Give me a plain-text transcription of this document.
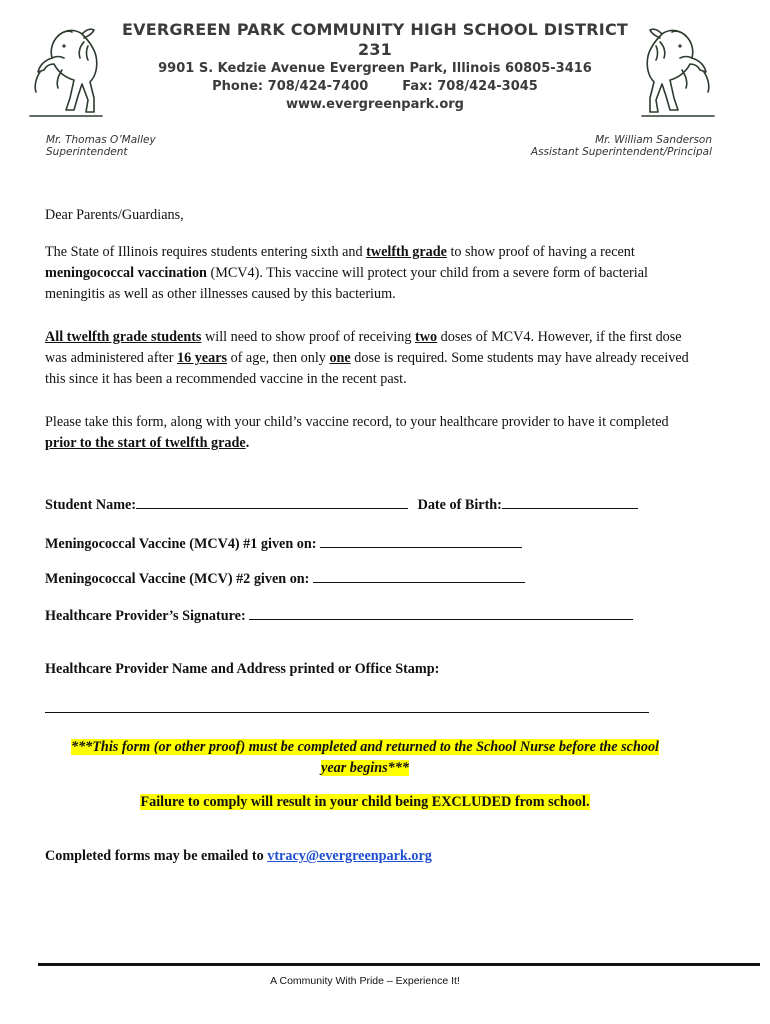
EVERGREEN PARK COMMUNITY HIGH SCHOOL DISTRICT 231
9901 S. Kedzie Avenue Evergreen Park, Illinois 60805-3416
Phone: 708/424-7400	Fax: 708/424-3045
www.evergreenpark.org
Mr. Thomas O’Malley
Superintendent
Mr. William Sanderson
Assistant Superintendent/Principal
Dear Parents/Guardians,
The State of Illinois requires students entering sixth and twelfth grade to show proof of having a recent meningococcal vaccination (MCV4). This vaccine will protect your child from a severe form of bacterial meningitis as well as other illnesses caused by this bacterium.
All twelfth grade students will need to show proof of receiving two doses of MCV4. However, if the first dose was administered after 16 years of age, then only one dose is required. Some students may have already received this since it has been a recommended vaccine in the recent past.
Please take this form, along with your child’s vaccine record, to your healthcare provider to have it completed prior to the start of twelfth grade.
Student Name:	Date of Birth:
Meningococcal Vaccine (MCV4) #1 given on:
Meningococcal Vaccine (MCV) #2 given on:
Healthcare Provider’s Signature:
Healthcare Provider Name and Address printed or Office Stamp:
***This form (or other proof) must be completed and returned to the School Nurse before the school
year begins***
Failure to comply will result in your child being EXCLUDED from school.
Completed forms may be emailed to vtracy@evergreenpark.org
A Community With Pride – Experience It!
